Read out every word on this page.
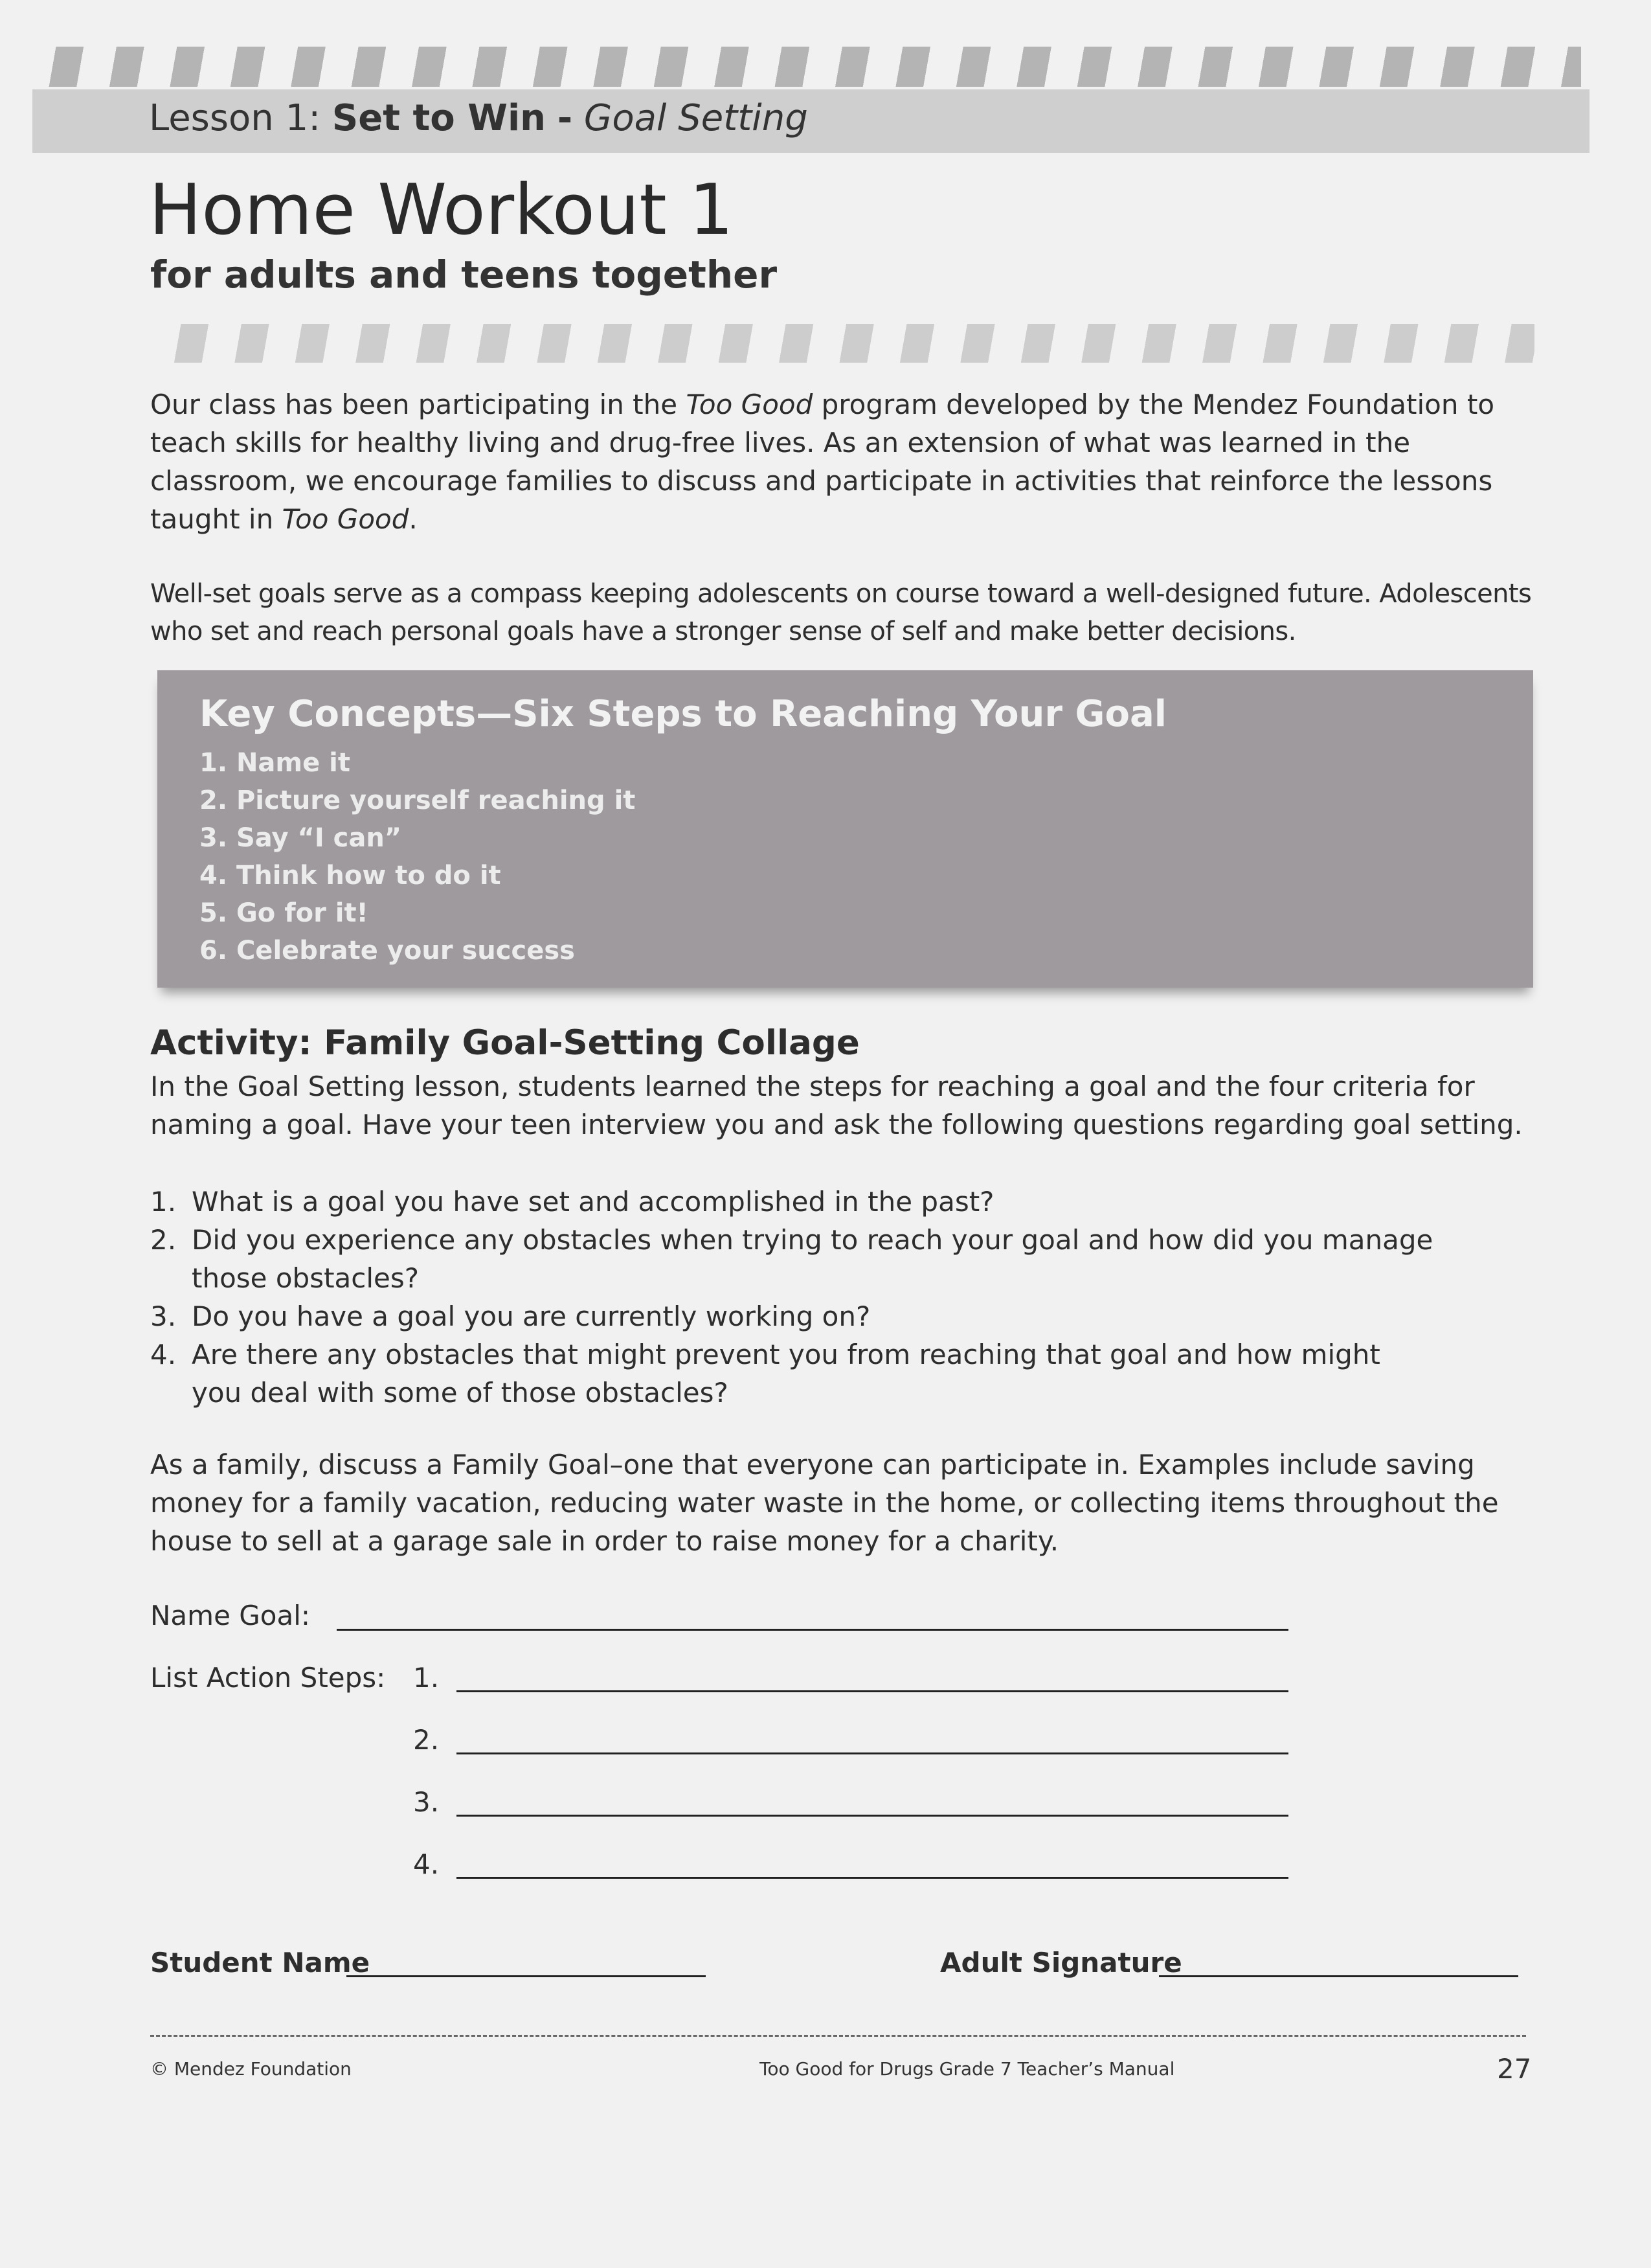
Lesson 1: Set to Win - Goal Setting
Home Workout 1
for adults and teens together

Our class has been participating in the Too Good program developed by the Mendez Foundation to teach skills for healthy living and drug-free lives. As an extension of what was learned in the classroom, we encourage families to discuss and participate in activities that reinforce the lessons taught in Too Good.

Well-set goals serve as a compass keeping adolescents on course toward a well-designed future. Adolescents who set and reach personal goals have a stronger sense of self and make better decisions.

Key Concepts—Six Steps to Reaching Your Goal
1. Name it
2. Picture yourself reaching it
3. Say “I can”
4. Think how to do it
5. Go for it!
6. Celebrate your success
Activity: Family Goal-Setting Collage

In the Goal Setting lesson, students learned the steps for reaching a goal and the four criteria for naming a goal. Have your teen interview you and ask the following questions regarding goal setting.

1. What is a goal you have set and accomplished in the past?
2. Did you experience any obstacles when trying to reach your goal and how did you manage
those obstacles?
3. Do you have a goal you are currently working on?
4. Are there any obstacles that might prevent you from reaching that goal and how might
you deal with some of those obstacles?

As a family, discuss a Family Goal–one that everyone can participate in. Examples include saving money for a family vacation, reducing water waste in the home, or collecting items throughout the house to sell at a garage sale in order to raise money for a charity.

Name Goal:
List Action Steps: 1.
2.
3.
4.
Student Name	Adult Signature
© Mendez Foundation	Too Good for Drugs Grade 7 Teacher’s Manual	27
